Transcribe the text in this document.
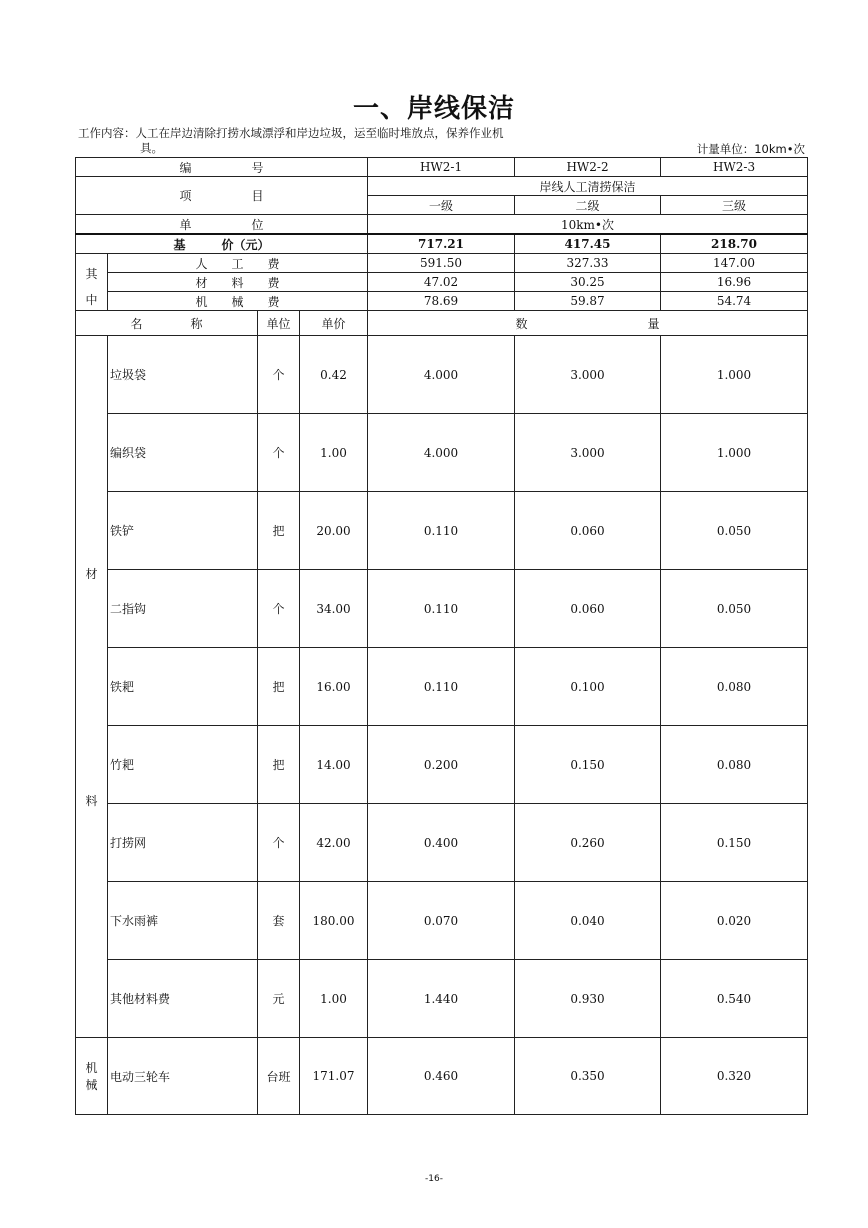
一、岸线保洁
工作内容：人工在岸边清除打捞水域漂浮和岸边垃圾，运至临时堆放点，保养作业机
具。	计量单位：10km•次
编　　　　　号				HW2-1	HW2-2	HW2-3
项　　　　　目				岸线人工清捞保洁		
				一级	二级	三级
单　　　　　位				10km•次		
基　　　价（元）				717.21	417.45	218.70

其
中	人　　工　　费			591.50	327.33	147.00
	材　　料　　费			47.02	30.25	16.96
	机　　械　　费			78.69	59.87	54.74
名　　　　称		单位	单价	数　　　　　　　　　　量		

材
料	垃圾袋	个	0.42	4.000	3.000	1.000
	编织袋	个	1.00	4.000	3.000	1.000
	铁铲	把	20.00	0.110	0.060	0.050
	二指钩	个	34.00	0.110	0.060	0.050
	铁耙	把	16.00	0.110	0.100	0.080
	竹耙	把	14.00	0.200	0.150	0.080
	打捞网	个	42.00	0.400	0.260	0.150
	下水雨裤	套	180.00	0.070	0.040	0.020
	其他材料费	元	1.00	1.440	0.930	0.540

机
械	电动三轮车	台班	171.07	0.460	0.350	0.320
-16-
